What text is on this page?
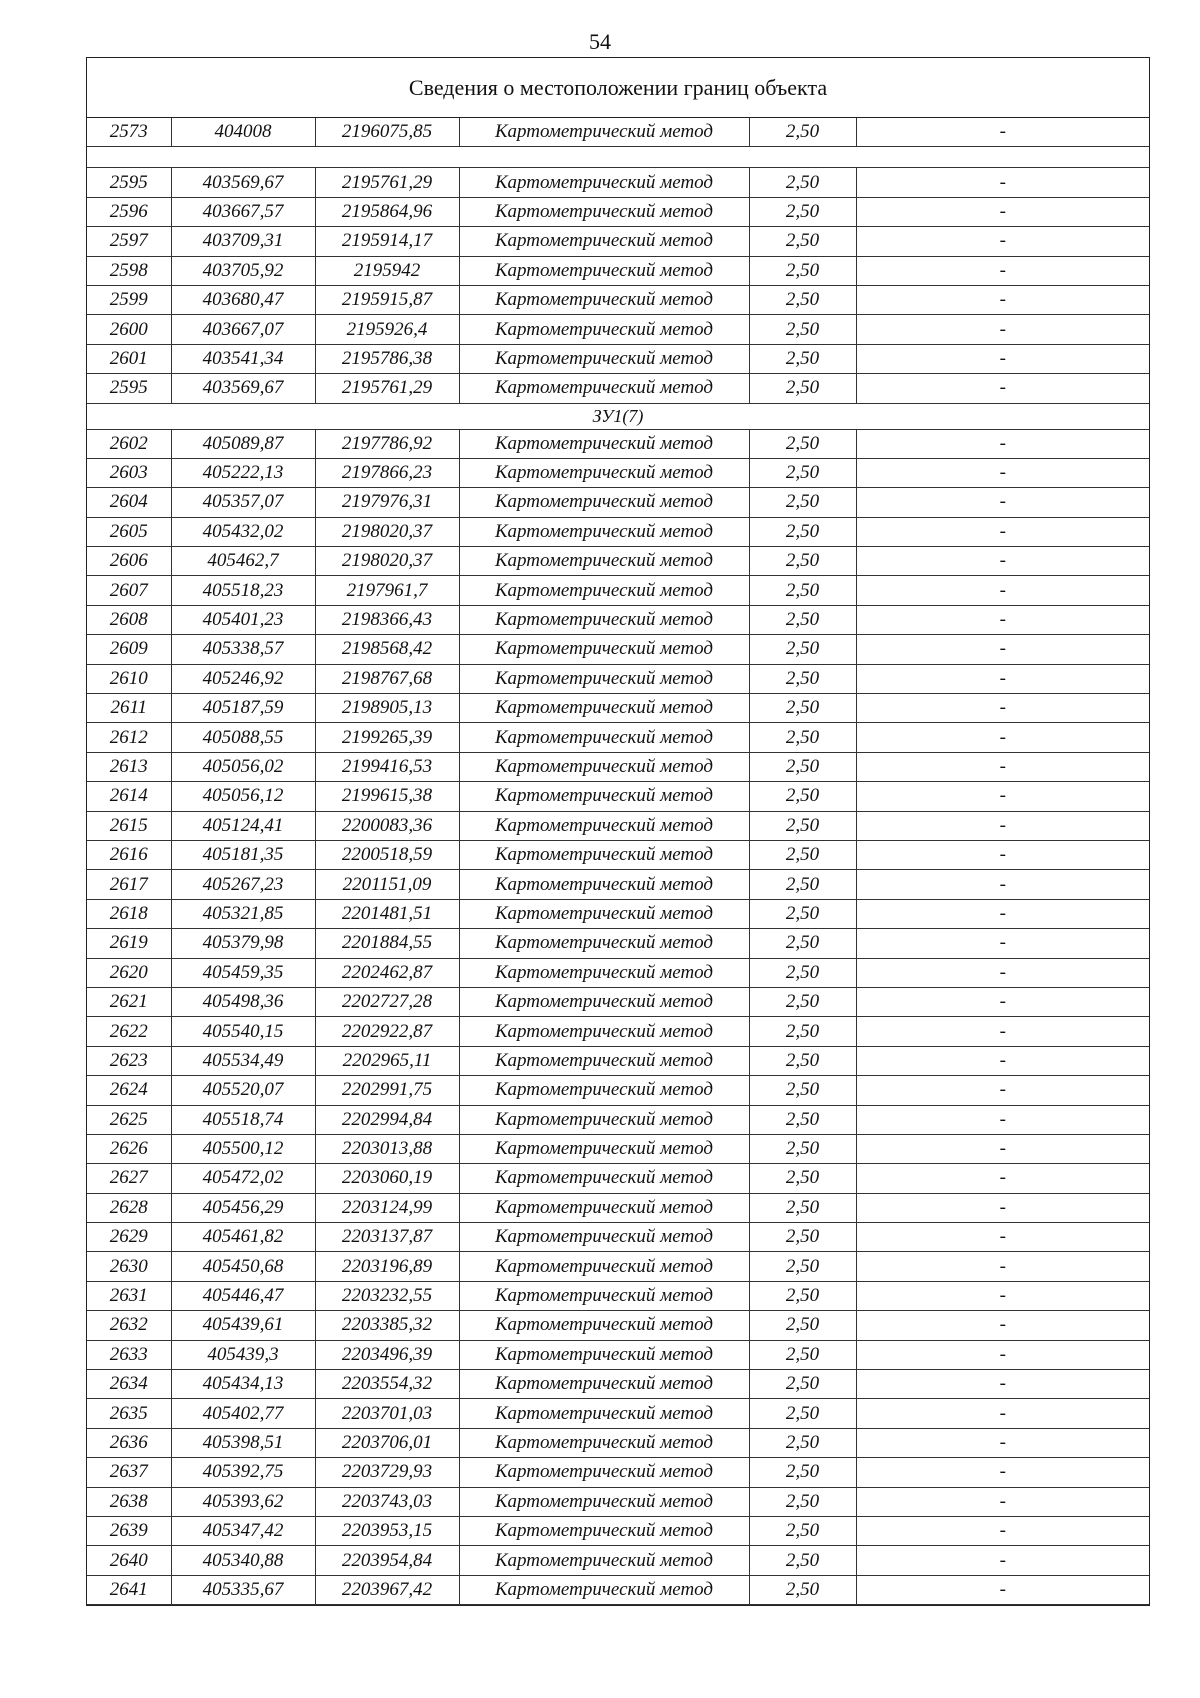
54
Сведения о местоположении границ объекта
2573	404008	2196075,85	Картометрический метод	2,50	-

2595	403569,67	2195761,29	Картометрический метод	2,50	-
2596	403667,57	2195864,96	Картометрический метод	2,50	-
2597	403709,31	2195914,17	Картометрический метод	2,50	-
2598	403705,92	2195942	Картометрический метод	2,50	-
2599	403680,47	2195915,87	Картометрический метод	2,50	-
2600	403667,07	2195926,4	Картометрический метод	2,50	-
2601	403541,34	2195786,38	Картометрический метод	2,50	-
2595	403569,67	2195761,29	Картометрический метод	2,50	-
ЗУ1(7)					
2602	405089,87	2197786,92	Картометрический метод	2,50	-
2603	405222,13	2197866,23	Картометрический метод	2,50	-
2604	405357,07	2197976,31	Картометрический метод	2,50	-
2605	405432,02	2198020,37	Картометрический метод	2,50	-
2606	405462,7	2198020,37	Картометрический метод	2,50	-
2607	405518,23	2197961,7	Картометрический метод	2,50	-
2608	405401,23	2198366,43	Картометрический метод	2,50	-
2609	405338,57	2198568,42	Картометрический метод	2,50	-
2610	405246,92	2198767,68	Картометрический метод	2,50	-
2611	405187,59	2198905,13	Картометрический метод	2,50	-
2612	405088,55	2199265,39	Картометрический метод	2,50	-
2613	405056,02	2199416,53	Картометрический метод	2,50	-
2614	405056,12	2199615,38	Картометрический метод	2,50	-
2615	405124,41	2200083,36	Картометрический метод	2,50	-
2616	405181,35	2200518,59	Картометрический метод	2,50	-
2617	405267,23	2201151,09	Картометрический метод	2,50	-
2618	405321,85	2201481,51	Картометрический метод	2,50	-
2619	405379,98	2201884,55	Картометрический метод	2,50	-
2620	405459,35	2202462,87	Картометрический метод	2,50	-
2621	405498,36	2202727,28	Картометрический метод	2,50	-
2622	405540,15	2202922,87	Картометрический метод	2,50	-
2623	405534,49	2202965,11	Картометрический метод	2,50	-
2624	405520,07	2202991,75	Картометрический метод	2,50	-
2625	405518,74	2202994,84	Картометрический метод	2,50	-
2626	405500,12	2203013,88	Картометрический метод	2,50	-
2627	405472,02	2203060,19	Картометрический метод	2,50	-
2628	405456,29	2203124,99	Картометрический метод	2,50	-
2629	405461,82	2203137,87	Картометрический метод	2,50	-
2630	405450,68	2203196,89	Картометрический метод	2,50	-
2631	405446,47	2203232,55	Картометрический метод	2,50	-
2632	405439,61	2203385,32	Картометрический метод	2,50	-
2633	405439,3	2203496,39	Картометрический метод	2,50	-
2634	405434,13	2203554,32	Картометрический метод	2,50	-
2635	405402,77	2203701,03	Картометрический метод	2,50	-
2636	405398,51	2203706,01	Картометрический метод	2,50	-
2637	405392,75	2203729,93	Картометрический метод	2,50	-
2638	405393,62	2203743,03	Картометрический метод	2,50	-
2639	405347,42	2203953,15	Картометрический метод	2,50	-
2640	405340,88	2203954,84	Картометрический метод	2,50	-
2641	405335,67	2203967,42	Картометрический метод	2,50	-
